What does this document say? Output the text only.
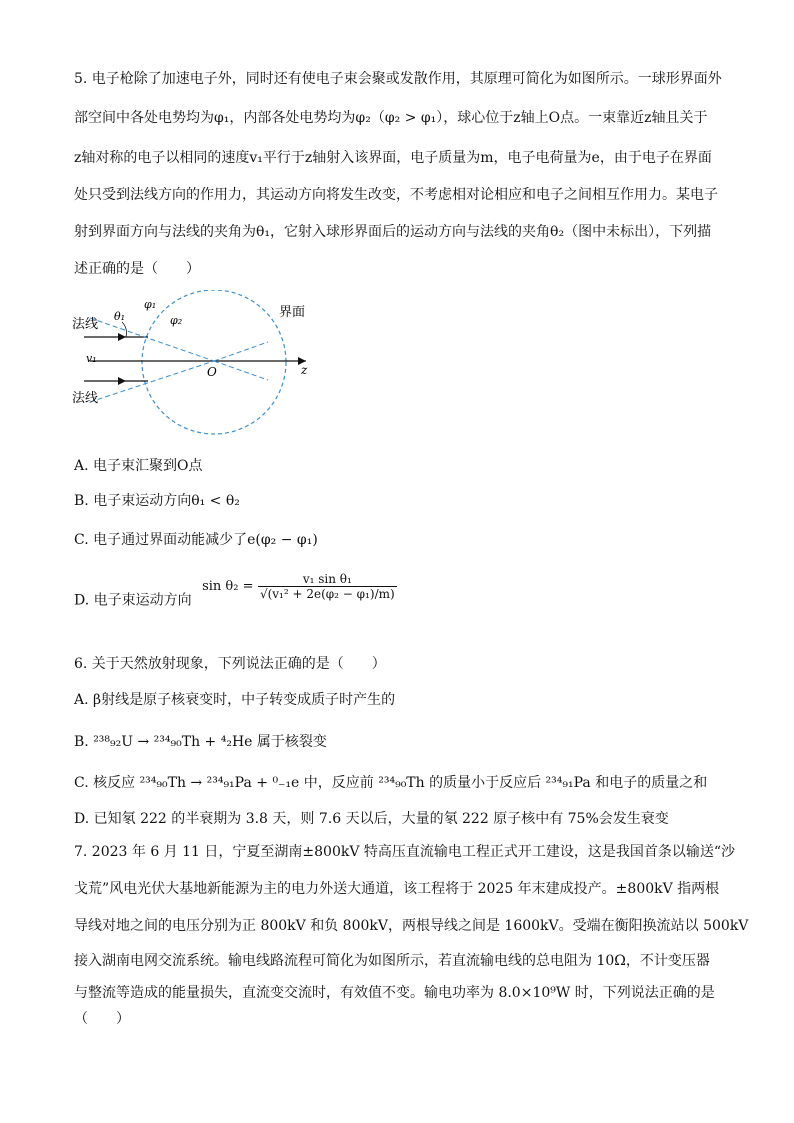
5. 电子枪除了加速电子外，同时还有使电子束会聚或发散作用，其原理可简化为如图所示。一球形界面外
部空间中各处电势均为φ₁，内部各处电势均为φ₂（φ₂ > φ₁），球心位于z轴上O点。一束靠近z轴且关于
z轴对称的电子以相同的速度v₁平行于z轴射入该界面，电子质量为m，电子电荷量为e，由于电子在界面
处只受到法线方向的作用力，其运动方向将发生改变，不考虑相对论相应和电子之间相互作用力。某电子
射到界面方向与法线的夹角为θ₁，它射入球形界面后的运动方向与法线的夹角θ₂（图中未标出），下列描
述正确的是（　　）
法线
法线
θ₁
φ₁
φ₂
界面
v₁
O	z
A. 电子束汇聚到O点
B. 电子束运动方向θ₁ < θ₂
C. 电子通过界面动能减少了e(φ₂ − φ₁)
D. 电子束运动方向 $\sin \theta_2 = \frac{\text{v₁ sin θ₁}}{\text{√(v₁² + 2e(φ₂ − φ₁)/m)}}$
6. 关于天然放射现象，下列说法正确的是（　　）
A. β射线是原子核衰变时，中子转变成质子时产生的
B. ²³⁸₉₂U → ²³⁴₉₀Th + ⁴₂He 属于核裂变
C. 核反应 ²³⁴₉₀Th → ²³⁴₉₁Pa + ⁰₋₁e 中，反应前 ²³⁴₉₀Th 的质量小于反应后 ²³⁴₉₁Pa 和电子的质量之和
D. 已知氡 222 的半衰期为 3.8 天，则 7.6 天以后，大量的氡 222 原子核中有 75%会发生衰变
7. 2023 年 6 月 11 日，宁夏至湖南±800kV 特高压直流输电工程正式开工建设，这是我国首条以输送“沙
戈荒”风电光伏大基地新能源为主的电力外送大通道，该工程将于 2025 年末建成投产。±800kV 指两根
导线对地之间的电压分别为正 800kV 和负 800kV，两根导线之间是 1600kV。受端在衡阳换流站以 500kV
接入湖南电网交流系统。输电线路流程可简化为如图所示，若直流输电线的总电阻为 10Ω，不计变压器
与整流等造成的能量损失，直流变交流时，有效值不变。输电功率为 8.0×10⁹W 时，下列说法正确的是
（　　）
